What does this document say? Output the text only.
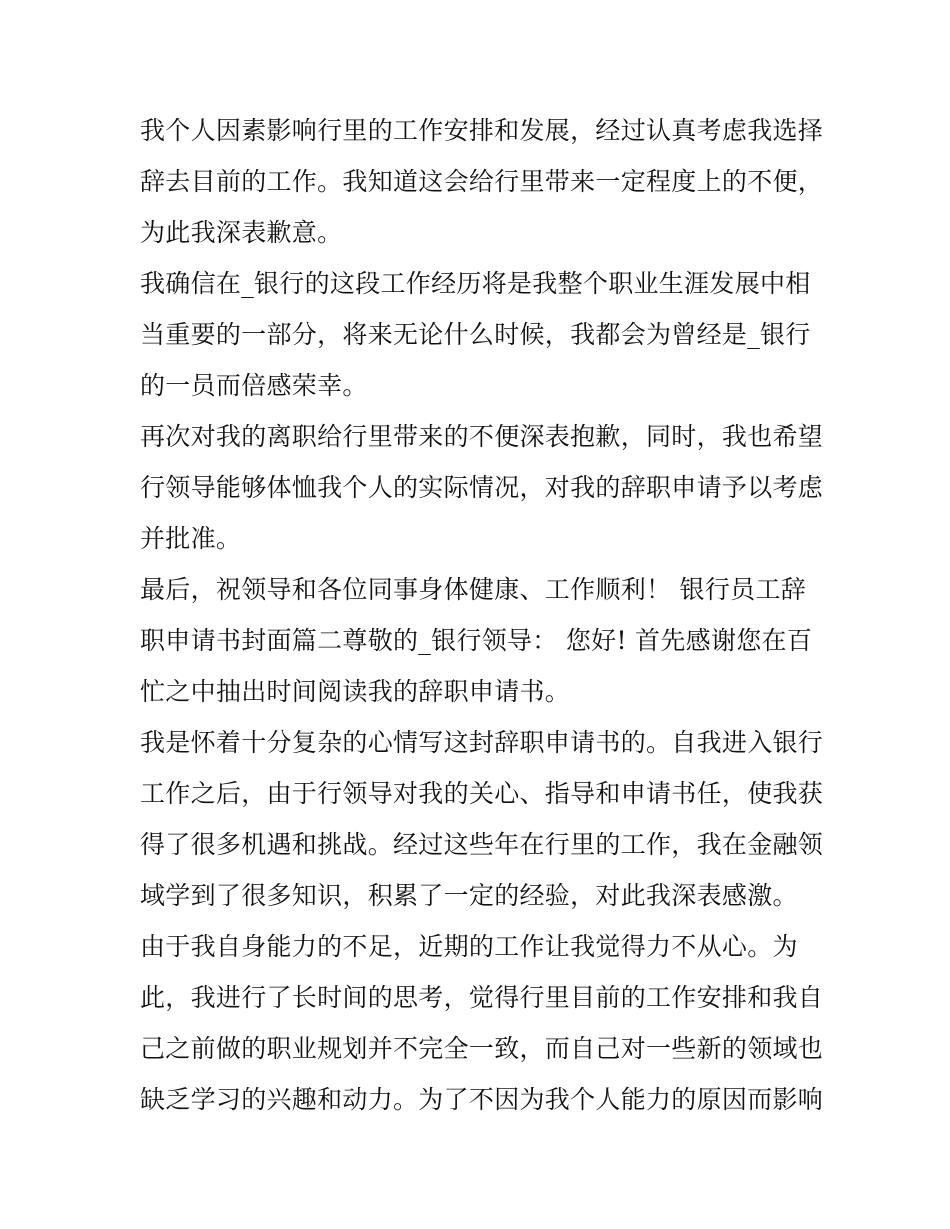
我个人因素影响行里的工作安排和发展，经过认真考虑我选择
辞去目前的工作。我知道这会给行里带来一定程度上的不便，
为此我深表歉意。

我确信在_银行的这段工作经历将是我整个职业生涯发展中相
当重要的一部分，将来无论什么时候，我都会为曾经是_银行
的一员而倍感荣幸。

再次对我的离职给行里带来的不便深表抱歉，同时，我也希望
行领导能够体恤我个人的实际情况，对我的辞职申请予以考虑
并批准。

最后，祝领导和各位同事身体健康、工作顺利！ 银行员工辞
职申请书封面篇二尊敬的_银行领导： 您好! 首先感谢您在百
忙之中抽出时间阅读我的辞职申请书。

我是怀着十分复杂的心情写这封辞职申请书的。自我进入银行
工作之后，由于行领导对我的关心、指导和申请书任，使我获
得了很多机遇和挑战。经过这些年在行里的工作，我在金融领
域学到了很多知识，积累了一定的经验，对此我深表感激。

由于我自身能力的不足，近期的工作让我觉得力不从心。为
此，我进行了长时间的思考，觉得行里目前的工作安排和我自
己之前做的职业规划并不完全一致，而自己对一些新的领域也
缺乏学习的兴趣和动力。为了不因为我个人能力的原因而影响
